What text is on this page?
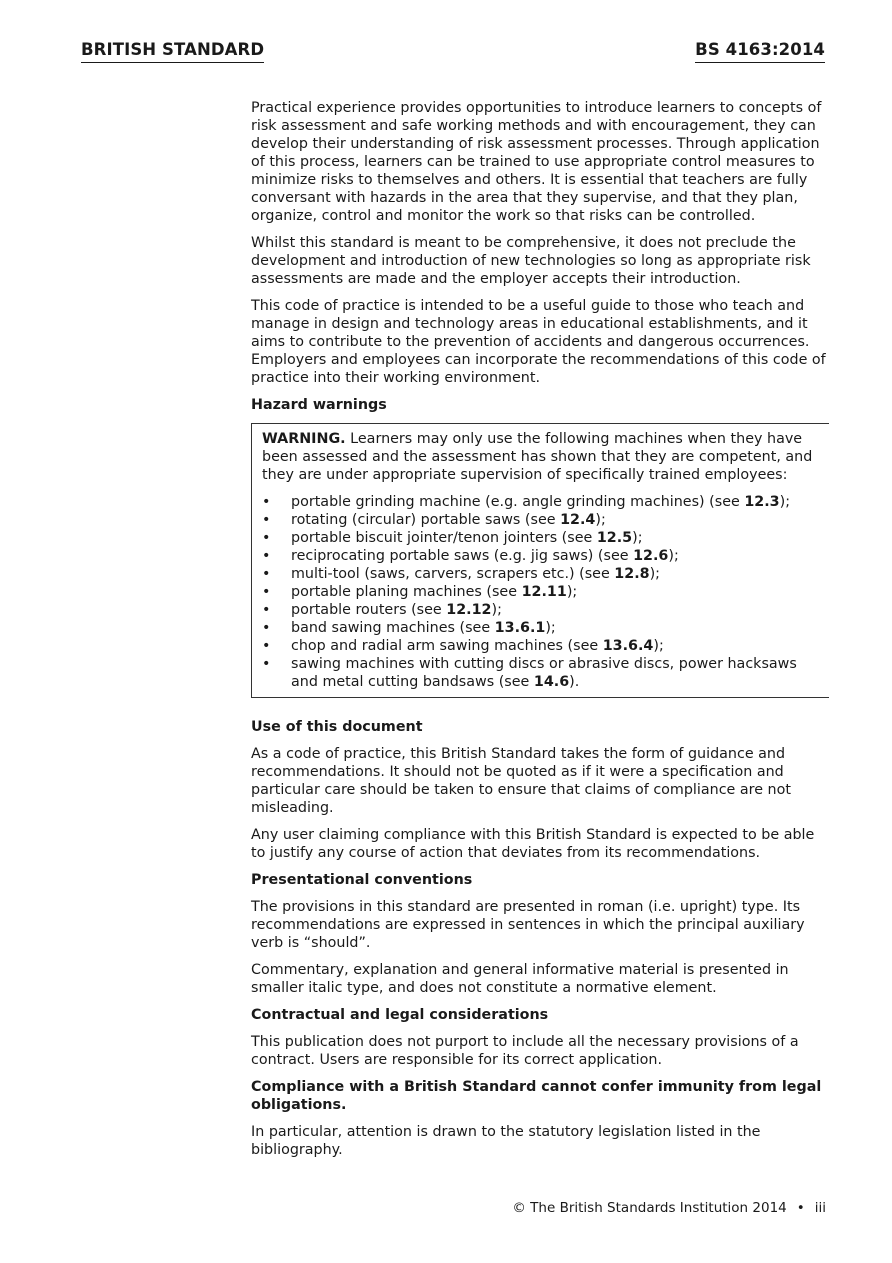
BRITISH STANDARD	BS 4163:2014

Practical experience provides opportunities to introduce learners to concepts of risk assessment and safe working methods and with encouragement, they can develop their understanding of risk assessment processes. Through application of this process, learners can be trained to use appropriate control measures to minimize risks to themselves and others. It is essential that teachers are fully conversant with hazards in the area that they supervise, and that they plan, organize, control and monitor the work so that risks can be controlled.

Whilst this standard is meant to be comprehensive, it does not preclude the development and introduction of new technologies so long as appropriate risk assessments are made and the employer accepts their introduction.

This code of practice is intended to be a useful guide to those who teach and manage in design and technology areas in educational establishments, and it aims to contribute to the prevention of accidents and dangerous occurrences. Employers and employees can incorporate the recommendations of this code of practice into their working environment.

Hazard warnings

WARNING. Learners may only use the following machines when they have been assessed and the assessment has shown that they are competent, and they are under appropriate supervision of specifically trained employees:

• portable grinding machine (e.g. angle grinding machines) (see 12.3);
• rotating (circular) portable saws (see 12.4);
• portable biscuit jointer/tenon jointers (see 12.5);
• reciprocating portable saws (e.g. jig saws) (see 12.6);
• multi-tool (saws, carvers, scrapers etc.) (see 12.8);
• portable planing machines (see 12.11);
• portable routers (see 12.12);
• band sawing machines (see 13.6.1);
• chop and radial arm sawing machines (see 13.6.4);
• sawing machines with cutting discs or abrasive discs, power hacksaws and metal cutting bandsaws (see 14.6).
Use of this document

As a code of practice, this British Standard takes the form of guidance and recommendations. It should not be quoted as if it were a specification and particular care should be taken to ensure that claims of compliance are not misleading.

Any user claiming compliance with this British Standard is expected to be able to justify any course of action that deviates from its recommendations.

Presentational conventions

The provisions in this standard are presented in roman (i.e. upright) type. Its recommendations are expressed in sentences in which the principal auxiliary verb is “should”.

Commentary, explanation and general informative material is presented in smaller italic type, and does not constitute a normative element.

Contractual and legal considerations

This publication does not purport to include all the necessary provisions of a contract. Users are responsible for its correct application.

Compliance with a British Standard cannot confer immunity from legal obligations.

In particular, attention is drawn to the statutory legislation listed in the bibliography.

© The British Standards Institution 2014 • iii
